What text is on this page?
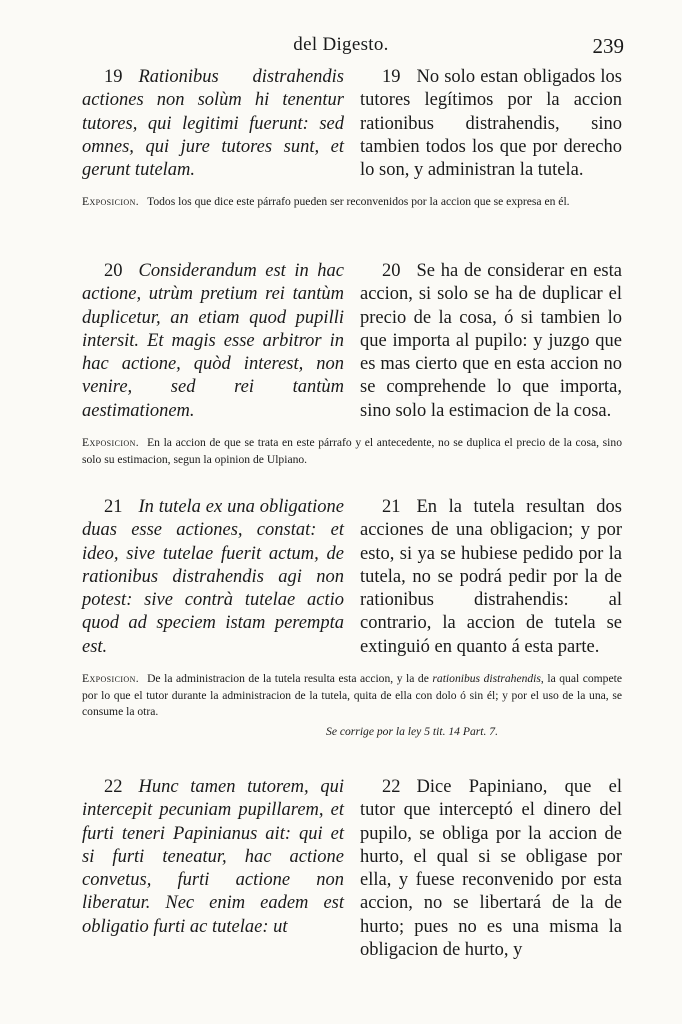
del Digesto.	239
19 Rationibus distrahendis actiones non solùm hi tenentur tutores, qui legitimi fuerunt: sed omnes, qui jure tutores sunt, et gerunt tutelam.
19 No solo estan obligados los tutores legítimos por la accion rationibus distrahendis, sino tambien todos los que por derecho lo son, y administran la tutela.
Exposicion. Todos los que dice este párrafo pueden ser reconvenidos por la accion que se expresa en él.
20 Considerandum est in hac actione, utrùm pretium rei tantùm duplicetur, an etiam quod pupilli intersit. Et magis esse arbitror in hac actione, quòd interest, non venire, sed rei tantùm aestimationem.
20 Se ha de considerar en esta accion, si solo se ha de duplicar el precio de la cosa, ó si tambien lo que importa al pupilo: y juzgo que es mas cierto que en esta accion no se comprehende lo que importa, sino solo la estimacion de la cosa.
Exposicion. En la accion de que se trata en este párrafo y el antecedente, no se duplica el precio de la cosa, sino solo su estimacion, segun la opinion de Ulpiano.
21 In tutela ex una obligatione duas esse actiones, constat: et ideo, sive tutelae fuerit actum, de rationibus distrahendis agi non potest: sive contrà tutelae actio quod ad speciem istam perempta est.
21 En la tutela resultan dos acciones de una obligacion; y por esto, si ya se hubiese pedido por la tutela, no se podrá pedir por la de rationibus distrahendis: al contrario, la accion de tutela se extinguió en quanto á esta parte.
Exposicion. De la administracion de la tutela resulta esta accion, y la de rationibus distrahendis, la qual compete por lo que el tutor durante la administracion de la tutela, quita de ella con dolo ó sin él; y por el uso de la una, se consume la otra.
Se corrige por la ley 5 tit. 14 Part. 7.
22 Hunc tamen tutorem, qui intercepit pecuniam pupillarem, et furti teneri Papinianus ait: qui et si furti teneatur, hac actione convetus, furti actione non liberatur. Nec enim eadem est obligatio furti ac tutelae: ut
22 Dice Papiniano, que el tutor que interceptó el dinero del pupilo, se obliga por la accion de hurto, el qual si se obligase por ella, y fuese reconvenido por esta accion, no se libertará de la de hurto; pues no es una misma la obligacion de hurto, y
